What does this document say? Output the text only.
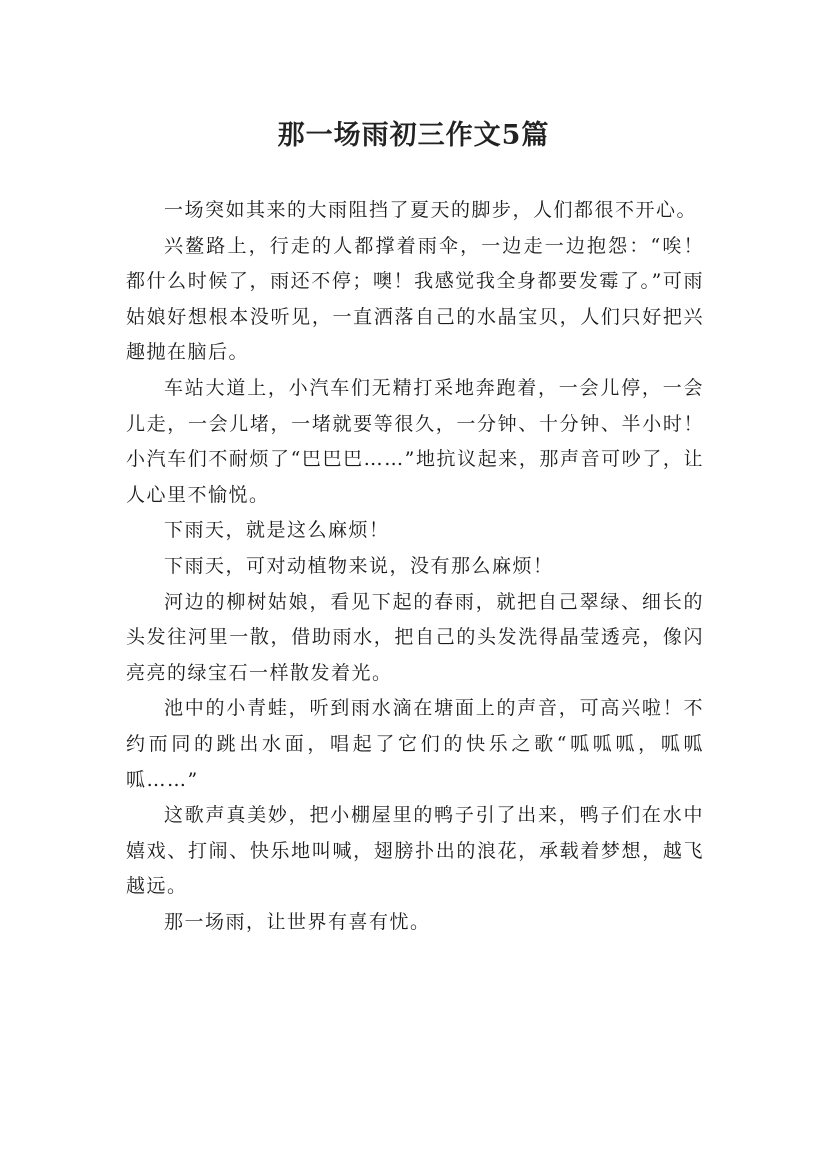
那一场雨初三作文5篇

一场突如其来的大雨阻挡了夏天的脚步，人们都很不开心。

兴鳌路上，行走的人都撑着雨伞，一边走一边抱怨：“唉！都什么时候了，雨还不停；噢！我感觉我全身都要发霉了。”可雨姑娘好想根本没听见，一直洒落自己的水晶宝贝，人们只好把兴趣抛在脑后。

车站大道上，小汽车们无精打采地奔跑着，一会儿停，一会儿走，一会儿堵，一堵就要等很久，一分钟、十分钟、半小时！小汽车们不耐烦了“巴巴巴……”地抗议起来，那声音可吵了，让人心里不愉悦。

下雨天，就是这么麻烦！

下雨天，可对动植物来说，没有那么麻烦！

河边的柳树姑娘，看见下起的春雨，就把自己翠绿、细长的头发往河里一散，借助雨水，把自己的头发洗得晶莹透亮，像闪亮亮的绿宝石一样散发着光。

池中的小青蛙，听到雨水滴在塘面上的声音，可高兴啦！不约而同的跳出水面，唱起了它们的快乐之歌“呱呱呱，呱呱呱……”

这歌声真美妙，把小棚屋里的鸭子引了出来，鸭子们在水中嬉戏、打闹、快乐地叫喊，翅膀扑出的浪花，承载着梦想，越飞越远。

那一场雨，让世界有喜有忧。
